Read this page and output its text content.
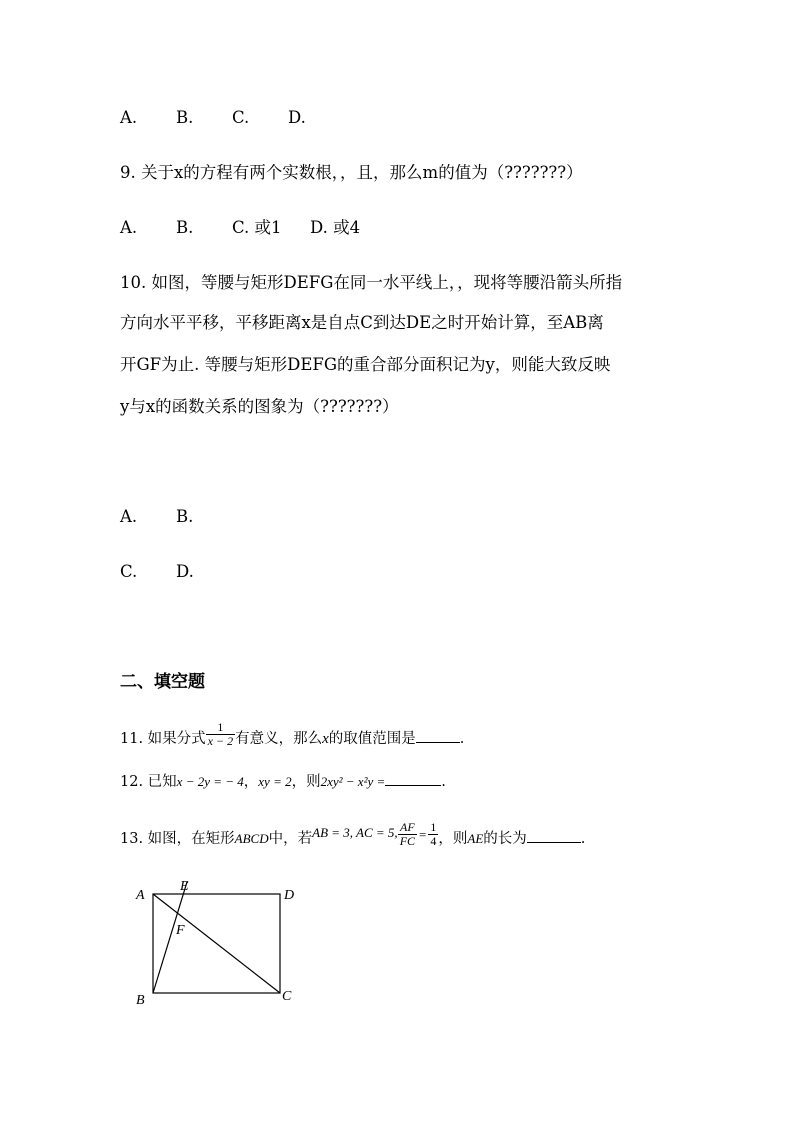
A. B. C. D.
9. 关于x的方程有两个实数根，，且，那么m的值为（???????）
A. B. C. 或1 D. 或4
10. 如图，等腰与矩形DEFG在同一水平线上，，现将等腰沿箭头所指
方向水平平移，平移距离x是自点C到达DE之时开始计算，至AB离
开GF为止. 等腰与矩形DEFG的重合部分面积记为y，则能大致反映
y与x的函数关系的图象为（???????）
A. B.
C. D.
二、填空题
11. 如果分式 $\frac{1}{x - 2}$ 有意义，那么x的取值范围是	.
12. 已知x − 2y = − 4，xy = 2，则2xy² − x²y =	.
13. 如图，在矩形ABCD中，若AB = 3, AC = 5, $\frac{AF}{FC} = \frac{1}{4}$ ，则AE的长为	.
A
B	C
D
E
F
